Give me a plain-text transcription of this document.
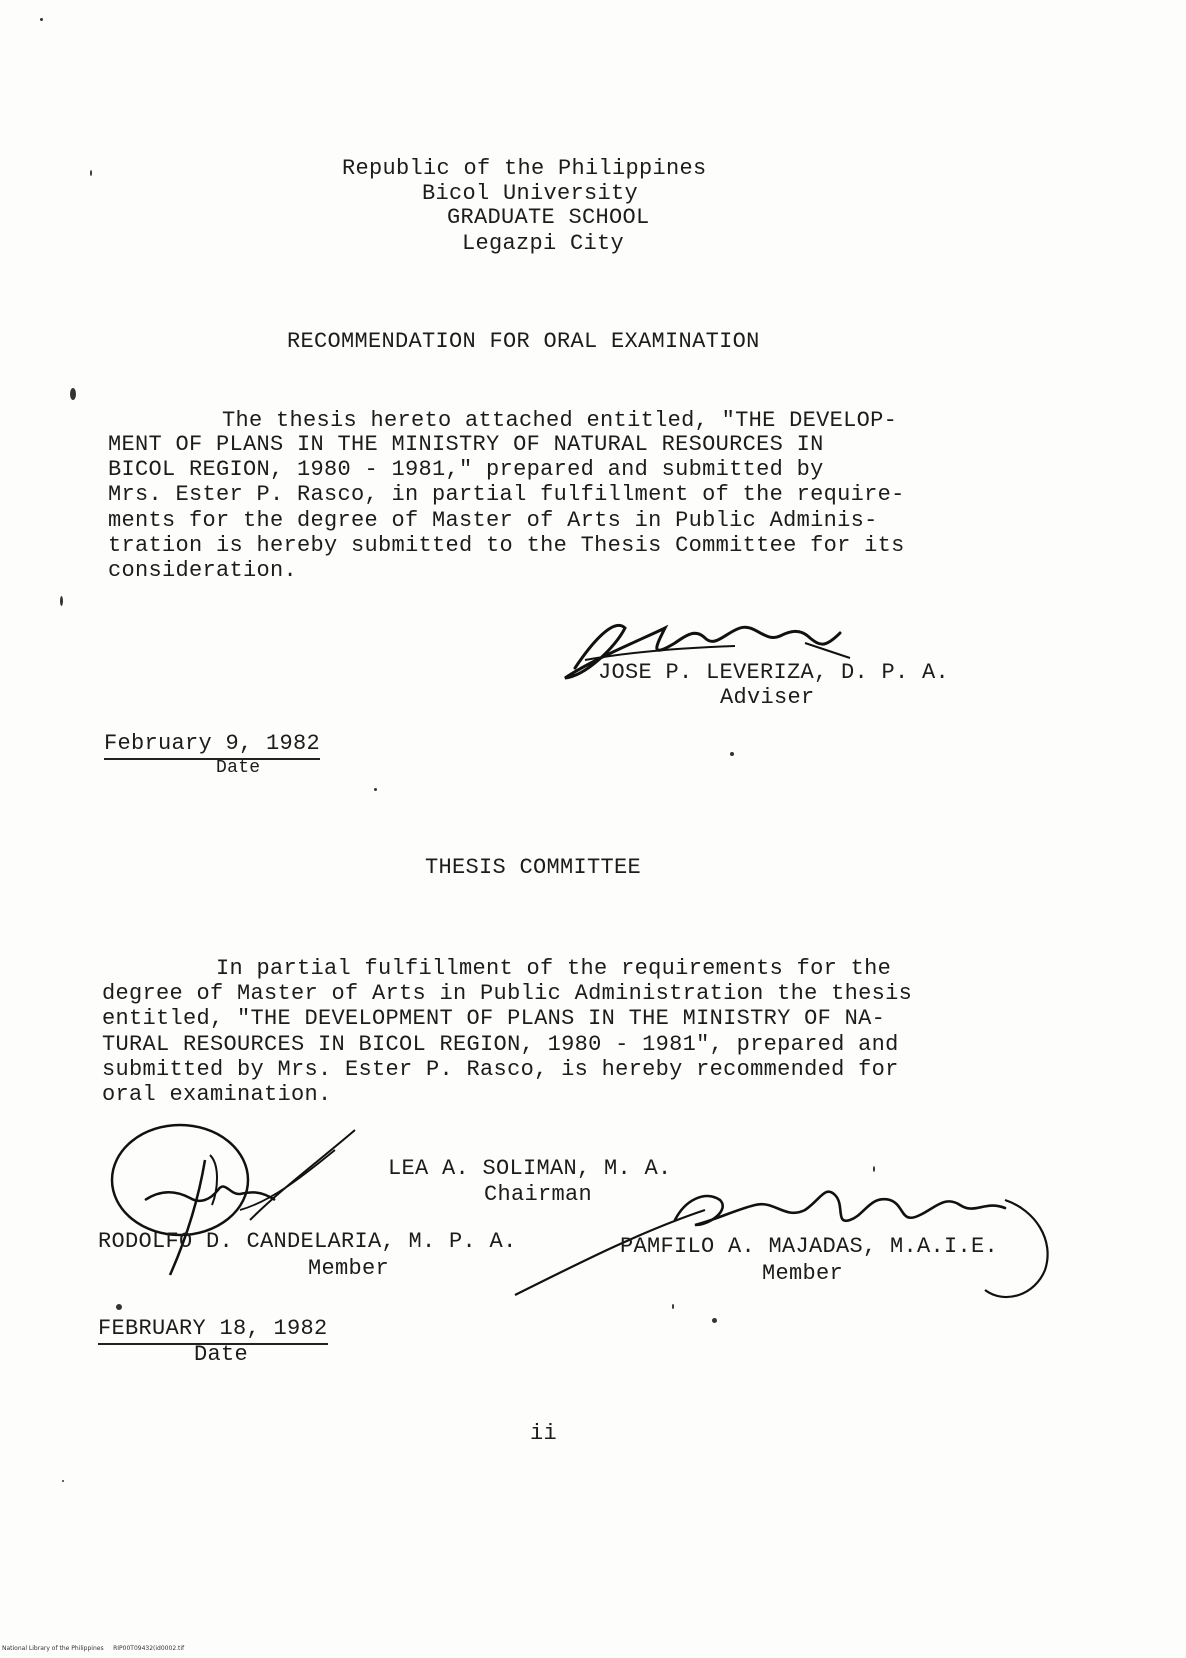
Republic of the Philippines
Bicol University
GRADUATE SCHOOL
Legazpi City
RECOMMENDATION FOR ORAL EXAMINATION
The thesis hereto attached entitled, "THE DEVELOP-
MENT OF PLANS IN THE MINISTRY OF NATURAL RESOURCES IN
BICOL REGION, 1980 - 1981," prepared and submitted by
Mrs. Ester P. Rasco, in partial fulfillment of the require-
ments for the degree of Master of Arts in Public Adminis-
tration is hereby submitted to the Thesis Committee for its
consideration.
JOSE P. LEVERIZA, D. P. A.
Adviser
February 9, 1982
Date
THESIS COMMITTEE
In partial fulfillment of the requirements for the
degree of Master of Arts in Public Administration the thesis
entitled, "THE DEVELOPMENT OF PLANS IN THE MINISTRY OF NA-
TURAL RESOURCES IN BICOL REGION, 1980 - 1981", prepared and
submitted by Mrs. Ester P. Rasco, is hereby recommended for
oral examination.
LEA A. SOLIMAN, M. A.
Chairman
RODOLFO D. CANDELARIA, M. P. A.
Member
PAMFILO A. MAJADAS, M.A.I.E.
Member
FEBRUARY 18, 1982
Date
ii
National Library of the Philippines     RIP00T09432(id0002.tif
